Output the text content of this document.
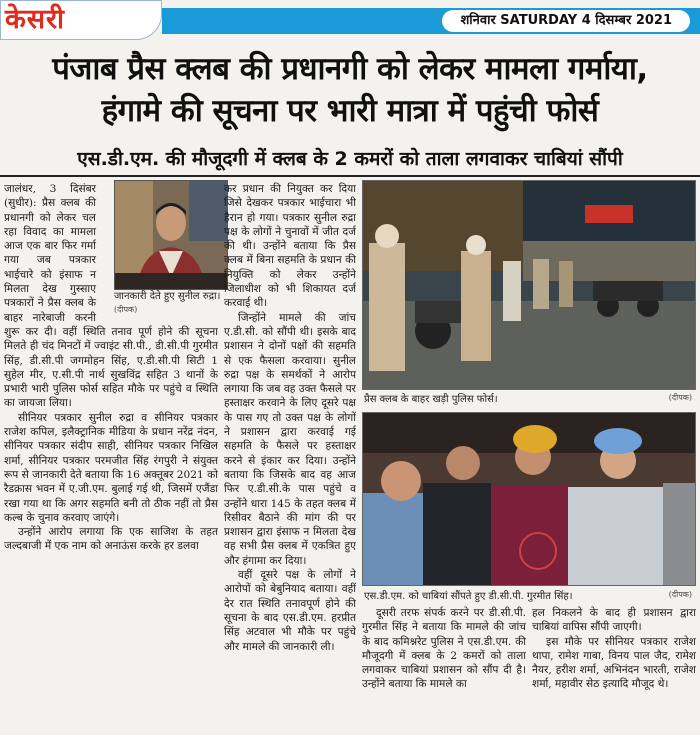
केसरी	शनिवार SATURDAY 4 दिसम्बर 2021
पंजाब प्रैस क्लब की प्रधानगी को लेकर मामला गर्माया,
हंगामे की सूचना पर भारी मात्रा में पहुंची फोर्स
एस.डी.एम. की मौजूदगी में क्लब के 2 कमरों को ताला लगवाकर चाबियां सौंपी

जालंधर, 3 दिसंबर (सुधीर): प्रैस क्लब की प्रधानगी को लेकर चल रहा विवाद का मामला आज एक बार फिर गर्मा गया जब पत्रकार भाईचारे को इंसाफ न मिलता देख गुस्साए पत्रकारों ने प्रैस क्लब के बाहर नारेबाजी करनी शुरू कर दी। वहीं स्थिति तनाव पूर्ण होने की सूचना मिलते ही चंद मिनटों में ज्वाइंट सी.पी., डी.सी.पी गुरमीत सिंह, डी.सी.पी जगमोहन सिंह, ए.डी.सी.पी सिटी 1 सुहेल मीर, ए.सी.पी नार्थ सुखविंद्र सहित 3 थानों के प्रभारी भारी पुलिस फोर्स सहित मौके पर पहुंचे व स्थिति का जायजा लिया।

सीनियर पत्रकार सुनील रुद्रा व सीनियर पत्रकार राजेश कपिल, इलैक्ट्रानिक मीडिया के प्रधान नरेंद्र नंदन, सीनियर पत्रकार संदीप साही, सीनियर पत्रकार निखिल शर्मा, सीनियर पत्रकार परमजीत सिंह रंगपुरी ने संयुक्त रूप से जानकारी देते बताया कि 16 अक्तूबर 2021 को रैडक्रास भवन में ए.जी.एम. बुलाई गई थी, जिसमें एजैंडा रखा गया था कि अगर सहमति बनी तो ठीक नहीं तो प्रैस कल्ब के चुनाव करवाए जाएंगे।

उन्होंने आरोप लगाया कि एक साजिश के तहत जल्दबाजी में एक नाम को अनाऊंस करके हर डलवा

जानकारी देते हुए सुनील रुद्रा। (दीपक)

कर प्रधान की नियुक्त कर दिया जिसे देखकर पत्रकार भाईचारा भी हैरान हो गया। पत्रकार सुनील रुद्रा पक्ष के लोगों ने चुनावों में जीत दर्ज की थी। उन्होंने बताया कि प्रैस क्लब में बिना सहमति के प्रधान की नियुक्ति को लेकर उन्होंने जिलाधीश को भी शिकायत दर्ज करवाई थी।

जिन्होंने मामले की जांच ए.डी.सी. को सौंपी थी। इसके बाद प्रशासन ने दोनों पक्षों की सहमति से एक फैसला करवाया। सुनील रुद्रा पक्ष के समर्थकों ने आरोप लगाया कि जब वह उक्त फैसले पर हस्ताक्षर करवाने के लिए दूसरे पक्ष के पास गए तो उक्त पक्ष के लोगों ने प्रशासन द्वारा करवाई गई सहमति के फैसले पर हस्ताक्षर करने से इंकार कर दिया। उन्होंने बताया कि जिसके बाद वह आज फिर ए.डी.सी.के पास पहुंचे व उन्होंने धारा 145 के तहत क्लब में रिसीवर बैठाने की मांग की पर प्रशासन द्वारा इंसाफ न मिलता देख वह सभी प्रैस क्लब में एकत्रित हुए और हंगामा कर दिया।

वहीं दूसरे पक्ष के लोगों ने आरोपों को बेबुनियाद बताया। वहीं देर रात स्थिति तनावपूर्ण होने की सूचना के बाद एस.डी.एम. हरप्रीत सिंह अटवाल भी मौके पर पहुंचे और मामले की जानकारी ली।

प्रैस क्लब के बाहर खड़ी पुलिस फोर्स।	(दीपक)
एस.डी.एम. को चाबियां सौंपते हुए डी.सी.पी. गुरमीत सिंह।	(दीपक)

दूसरी तरफ संपर्क करने पर डी.सी.पी. गुरमीत सिंह ने बताया कि मामले की जांच के बाद कमिश्नरेट पुलिस ने एस.डी.एम. की मौजूदगी में क्लब के 2 कमरों को ताला लगवाकर चाबियां प्रशासन को सौंप दी है। उन्होंने बताया कि मामले का

हल निकलने के बाद ही प्रशासन द्वारा चाबियां वापिस सौंपी जाएगी।

इस मौके पर सीनियर पत्रकार राजेश थापा, रामेश गाबा, विनय पाल जैद, रामेश नैयर, हरीश शर्मा, अभिनंदन भारती, राजेश शर्मा, महावीर सेठ इत्यादि मौजूद थे।
